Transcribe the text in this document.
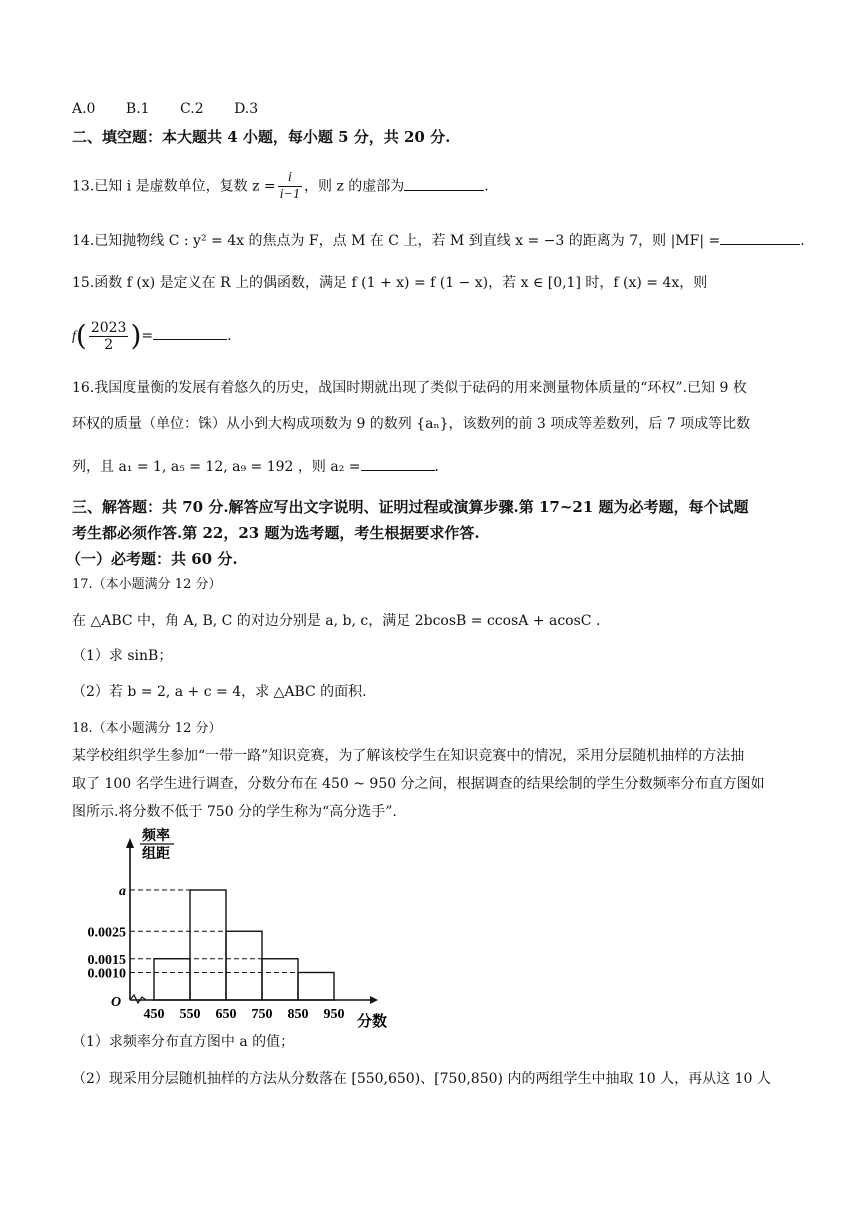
A.0 B.1 C.2 D.3
二、填空题：本大题共 4 小题，每小题 5 分，共 20 分.
13.已知 i 是虚数单位，复数 $z = \frac{i}{i-1}$ ，则 z 的虚部为	.
14.已知抛物线 C : y² = 4x 的焦点为 F，点 M 在 C 上，若 M 到直线 x = −3 的距离为 7，则 |MF| =	.
15.函数 f (x) 是定义在 R 上的偶函数，满足 f (1 + x) = f (1 − x)，若 x ∈ [0,1] 时，f (x) = 4x，则
$f( \frac{2023}{2}$ )=	.
16.我国度量衡的发展有着悠久的历史，战国时期就出现了类似于砝码的用来测量物体质量的“环权”.已知 9 枚
环权的质量（单位：铢）从小到大构成项数为 9 的数列 {aₙ}，该数列的前 3 项成等差数列，后 7 项成等比数
列，且 a₁ = 1, a₅ = 12, a₉ = 192 ，则 a₂ =	.
三、解答题：共 70 分.解答应写出文字说明、证明过程或演算步骤.第 17~21 题为必考题，每个试题
考生都必须作答.第 22，23 题为选考题，考生根据要求作答.
（一）必考题：共 60 分.
17.（本小题满分 12 分）
在 △ABC 中，角 A, B, C 的对边分别是 a, b, c，满足 2bcosB = ccosA + acosC .
（1）求 sinB；
（2）若 b = 2, a + c = 4，求 △ABC 的面积.
18.（本小题满分 12 分）
某学校组织学生参加“一带一路”知识竞赛，为了解该校学生在知识竞赛中的情况，采用分层随机抽样的方法抽
取了 100 名学生进行调查，分数分布在 450 ~ 950 分之间，根据调查的结果绘制的学生分数频率分布直方图如
图所示.将分数不低于 750 分的学生称为“高分选手”.
频率
组距
a
0.0025
0.0015
0.0010
450 550 650 750 850 950
O
分数
（1）求频率分布直方图中 a 的值；
（2）现采用分层随机抽样的方法从分数落在 [550,650)、[750,850) 内的两组学生中抽取 10 人，再从这 10 人
